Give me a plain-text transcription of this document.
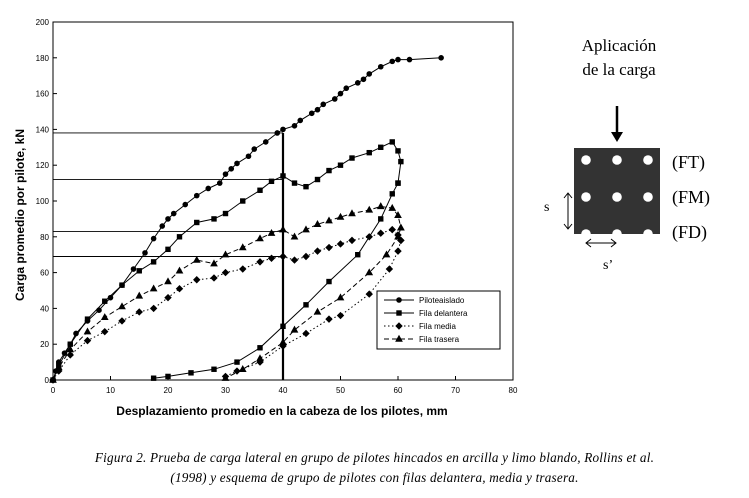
0	10	20	30	40	50	60	70	80
0
20
40
60
80
100
120
140
160
180
200
Carga promedio por pilote, kN
Desplazamiento promedio en la cabeza de los pilotes, mm
Piloteaislado
Fila delantera
Fila media
Fila trasera
Aplicación
de la carga
s
s’
(FT)
(FM)
(FD)
Figura 2. Prueba de carga lateral en grupo de pilotes hincados en arcilla y limo blando, Rollins et al.
(1998) y esquema de grupo de pilotes con filas delantera, media y trasera.
